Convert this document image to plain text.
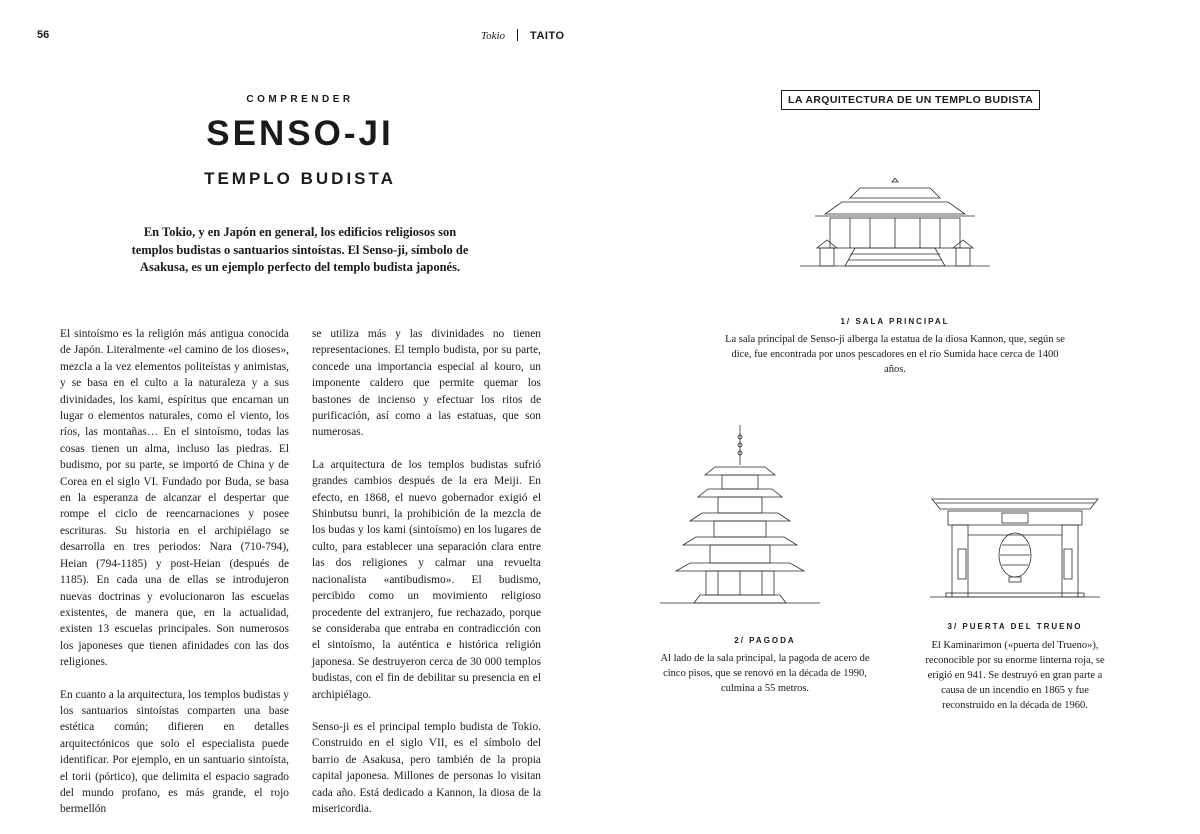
56	Tokio TAITO
COMPRENDER
SENSO-JI
TEMPLO BUDISTA
En Tokio, y en Japón en general, los edificios religiosos son templos budistas o santuarios sintoístas. El Senso-ji, símbolo de Asakusa, es un ejemplo perfecto del templo budista japonés.

El sintoísmo es la religión más antigua conocida de Japón. Literalmente «el camino de los dioses», mezcla a la vez elementos politeístas y animistas, y se basa en el culto a la naturaleza y a sus divinidades, los kami, espíritus que encarnan un lugar o elementos naturales, como el viento, los ríos, las montañas… En el sintoísmo, todas las cosas tienen un alma, incluso las piedras. El budismo, por su parte, se importó de China y de Corea en el siglo VI. Fundado por Buda, se basa en la esperanza de alcanzar el despertar que rompe el ciclo de reencarnaciones y posee escrituras. Su historia en el archipiélago se desarrolla en tres periodos: Nara (710-794), Heian (794-1185) y post-Heian (después de 1185). En cada una de ellas se introdujeron nuevas doctrinas y evolucionaron las escuelas existentes, de manera que, en la actualidad, existen 13 escuelas principales. Son numerosos los japoneses que tienen afinidades con las dos religiones.

En cuanto a la arquitectura, los templos budistas y los santuarios sintoístas comparten una base estética común; difieren en detalles arquitectónicos que solo el especialista puede identificar. Por ejemplo, en un santuario sintoísta, el torii (pórtico), que delimita el espacio sagrado del mundo profano, es más grande, el rojo bermellón

se utiliza más y las divinidades no tienen representaciones. El templo budista, por su parte, concede una importancia especial al kouro, un imponente caldero que permite quemar los bastones de incienso y efectuar los ritos de purificación, así como a las estatuas, que son numerosas.

La arquitectura de los templos budistas sufrió grandes cambios después de la era Meiji. En efecto, en 1868, el nuevo gobernador exigió el Shinbutsu bunri, la prohibición de la mezcla de los budas y los kami (sintoísmo) en los lugares de culto, para establecer una separación clara entre las dos religiones y calmar una revuelta nacionalista «antibudismo». El budismo, percibido como un movimiento religioso procedente del extranjero, fue rechazado, porque se consideraba que entraba en contradicción con el sintoísmo, la auténtica e histórica religión japonesa. Se destruyeron cerca de 30 000 templos budistas, con el fin de debilitar su presencia en el archipiélago.

Senso-ji es el principal templo budista de Tokio. Construido en el siglo VII, es el símbolo del barrio de Asakusa, pero también de la propia capital japonesa. Millones de personas lo visitan cada año. Está dedicado a Kannon, la diosa de la misericordia.

LA ARQUITECTURA DE UN TEMPLO BUDISTA
1/ SALA PRINCIPAL
La sala principal de Senso-ji alberga la estatua de la diosa Kannon, que, según se dice, fue encontrada por unos pescadores en el río Sumida hace cerca de 1400 años.
2/ PAGODA
Al lado de la sala principal, la pagoda de acero de cinco pisos, que se renovó en la década de 1990, culmina a 55 metros.
3/ PUERTA DEL TRUENO
El Kaminarimon («puerta del Trueno»), reconocible por su enorme linterna roja, se erigió en 941. Se destruyó en gran parte a causa de un incendio en 1865 y fue reconstruido en la década de 1960.
